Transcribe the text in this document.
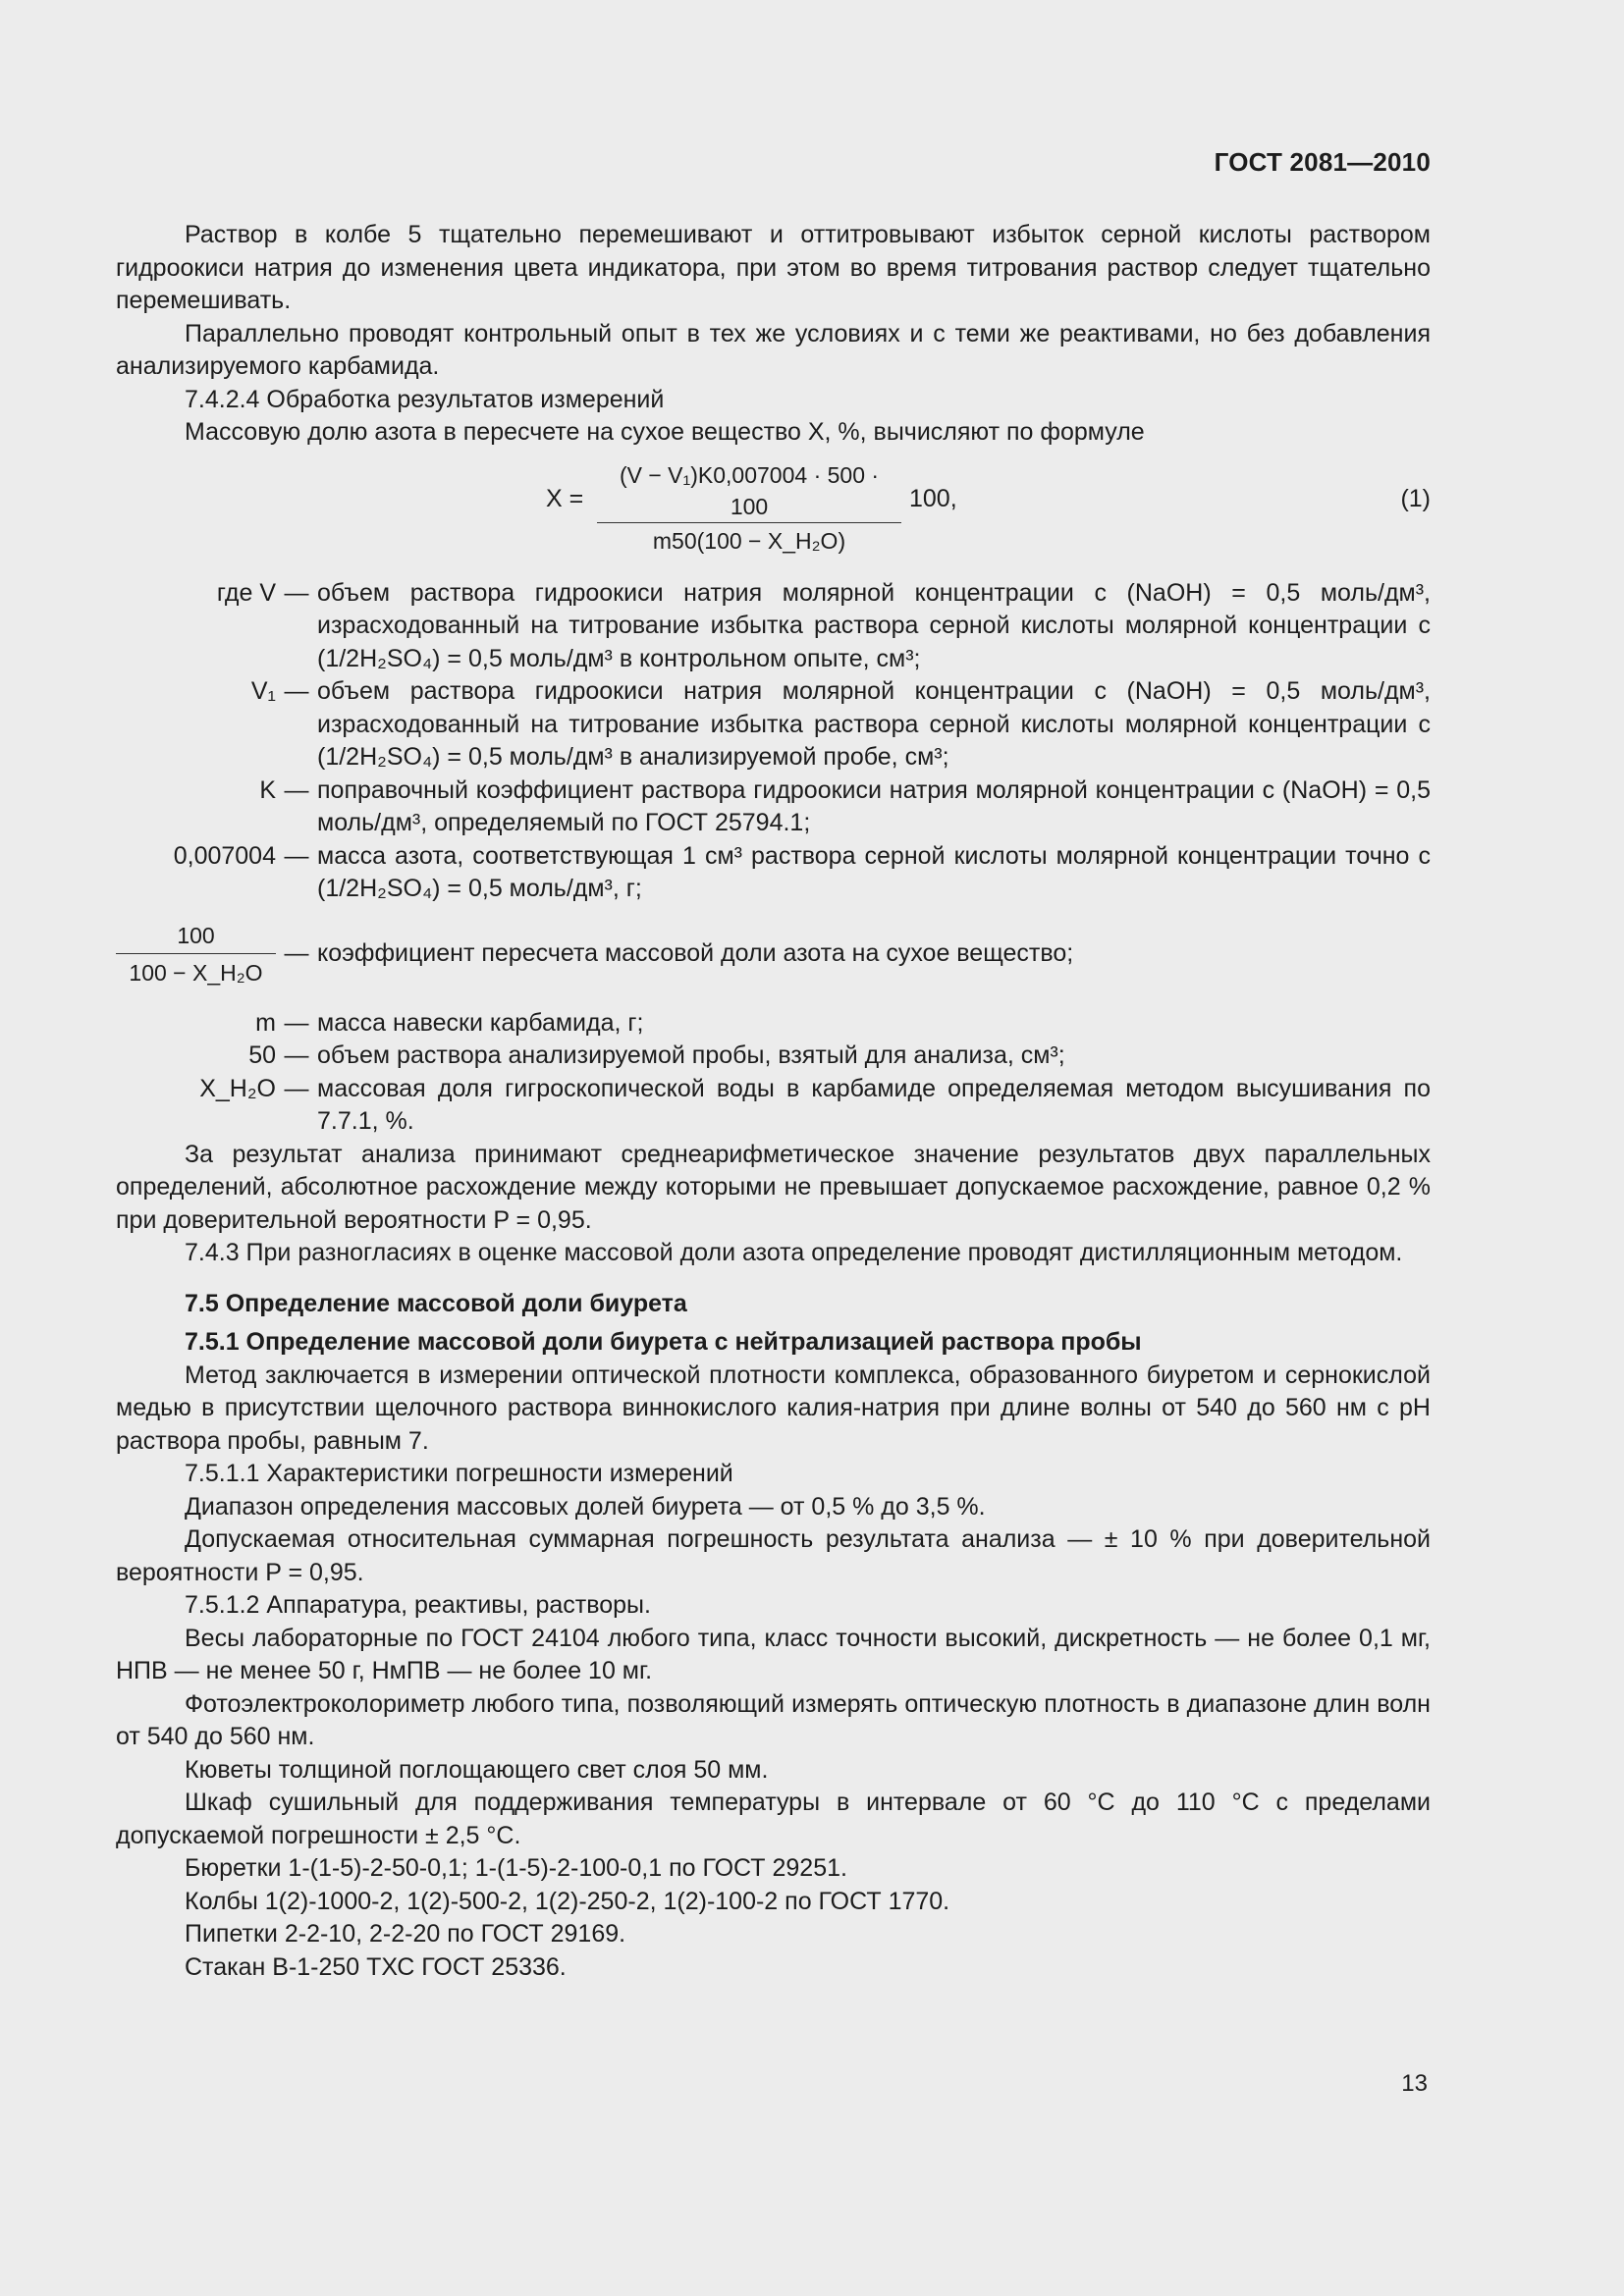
ГОСТ 2081—2010

Раствор в колбе 5 тщательно перемешивают и оттитровывают избыток серной кислоты раствором гидроокиси натрия до изменения цвета индикатора, при этом во время титрования раствор следует тщательно перемешивать.

Параллельно проводят контрольный опыт в тех же условиях и с теми же реактивами, но без добавления анализируемого карбамида.

7.4.2.4 Обработка результатов измерений

Массовую долю азота в пересчете на сухое вещество X, %, вычисляют по формуле

$X = \frac{\text{(V − V₁)K0,007004 · 500 · 100}}{\text{m50(100 − X\_H₂O)}} 100$,	(1)
где V — объем раствора гидроокиси натрия молярной концентрации c (NaOH) = 0,5 моль/дм³, израсходованный на титрование избытка раствора серной кислоты молярной концентрации c (1/2H₂SO₄) = 0,5 моль/дм³ в контрольном опыте, см³;
V₁ — объем раствора гидроокиси натрия молярной концентрации c (NaOH) = 0,5 моль/дм³, израсходованный на титрование избытка раствора серной кислоты молярной концентрации c (1/2H₂SO₄) = 0,5 моль/дм³ в анализируемой пробе, см³;
K — поправочный коэффициент раствора гидроокиси натрия молярной концентрации c (NaOH) = 0,5 моль/дм³, определяемый по ГОСТ 25794.1;
0,007004 — масса азота, соответствующая 1 см³ раствора серной кислоты молярной концентрации точно c (1/2H₂SO₄) = 0,5 моль/дм³, г;
$\frac{100}{\text{100 − X\_H₂O}}$ — коэффициент пересчета массовой доли азота на сухое вещество;
m — масса навески карбамида, г;
50 — объем раствора анализируемой пробы, взятый для анализа, см³;
X_H₂O — массовая доля гигроскопической воды в карбамиде определяемая методом высушивания по 7.7.1, %.

За результат анализа принимают среднеарифметическое значение результатов двух параллельных определений, абсолютное расхождение между которыми не превышает допускаемое расхождение, равное 0,2 % при доверительной вероятности P = 0,95.

7.4.3 При разногласиях в оценке массовой доли азота определение проводят дистилляционным методом.

7.5 Определение массовой доли биурета

7.5.1 Определение массовой доли биурета с нейтрализацией раствора пробы

Метод заключается в измерении оптической плотности комплекса, образованного биуретом и сернокислой медью в присутствии щелочного раствора виннокислого калия-натрия при длине волны от 540 до 560 нм с pH раствора пробы, равным 7.

7.5.1.1 Характеристики погрешности измерений

Диапазон определения массовых долей биурета — от 0,5 % до 3,5 %.

Допускаемая относительная суммарная погрешность результата анализа — ± 10 % при доверительной вероятности P = 0,95.

7.5.1.2 Аппаратура, реактивы, растворы.

Весы лабораторные по ГОСТ 24104 любого типа, класс точности высокий, дискретность — не более 0,1 мг, НПВ — не менее 50 г, НмПВ — не более 10 мг.

Фотоэлектроколориметр любого типа, позволяющий измерять оптическую плотность в диапазоне длин волн от 540 до 560 нм.

Кюветы толщиной поглощающего свет слоя 50 мм.

Шкаф сушильный для поддерживания температуры в интервале от 60 °С до 110 °С с пределами допускаемой погрешности ± 2,5 °С.

Бюретки 1-(1-5)-2-50-0,1; 1-(1-5)-2-100-0,1 по ГОСТ 29251.

Колбы 1(2)-1000-2, 1(2)-500-2, 1(2)-250-2, 1(2)-100-2 по ГОСТ 1770.

Пипетки 2-2-10, 2-2-20 по ГОСТ 29169.

Стакан В-1-250 ТХС ГОСТ 25336.

13
